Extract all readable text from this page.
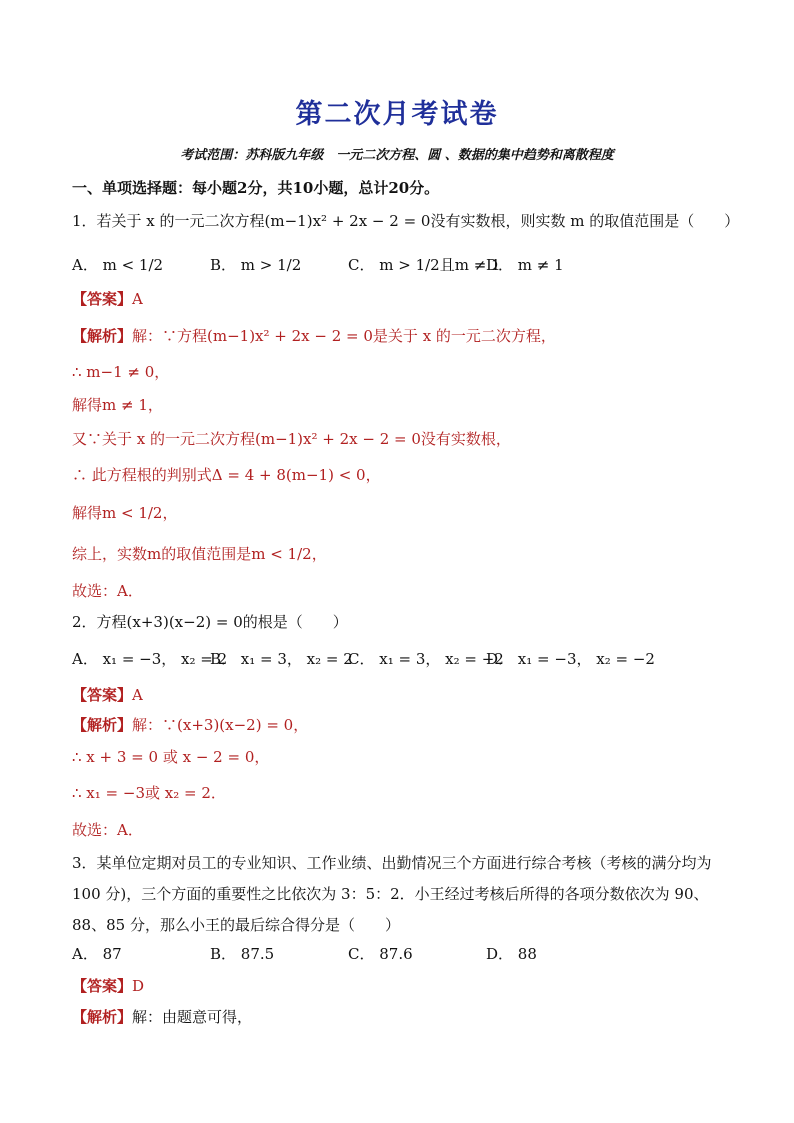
第二次月考试卷
考试范围：苏科版九年级　一元二次方程、圆 、数据的集中趋势和离散程度
一、单项选择题：每小题2分，共10小题，总计20分。
1．若关于 x 的一元二次方程(m−1)x² + 2x − 2 = 0没有实数根，则实数 m 的取值范围是（　　）
A． m < 1/2	B． m > 1/2	C． m > 1/2且m ≠ 1
D． m ≠ 1
【答案】A
【解析】解：∵方程(m−1)x² + 2x − 2 = 0是关于 x 的一元二次方程，
∴ m−1 ≠ 0，
解得m ≠ 1，
又∵关于 x 的一元二次方程(m−1)x² + 2x − 2 = 0没有实数根，
∴ 此方程根的判别式Δ = 4 + 8(m−1) < 0，
解得m < 1/2，
综上，实数m的取值范围是m < 1/2，
故选：A．
2．方程(x+3)(x−2) = 0的根是（　　）
A． x₁ = −3， x₂ = 2
B． x₁ = 3， x₂ = 2
C． x₁ = 3， x₂ = −2
D． x₁ = −3， x₂ = −2
【答案】A
【解析】解：∵(x+3)(x−2) = 0，
∴ x + 3 = 0 或 x − 2 = 0，
∴ x₁ = −3或 x₂ = 2．
故选：A．
3．某单位定期对员工的专业知识、工作业绩、出勤情况三个方面进行综合考核（考核的满分均为 100 分)，三个方面的重要性之比依次为 3：5：2．小王经过考核后所得的各项分数依次为 90、88、85 分，那么小王的最后综合得分是（　　）
A． 87	B． 87.5	C． 87.6	D． 88
【答案】D
【解析】解：由题意可得，
